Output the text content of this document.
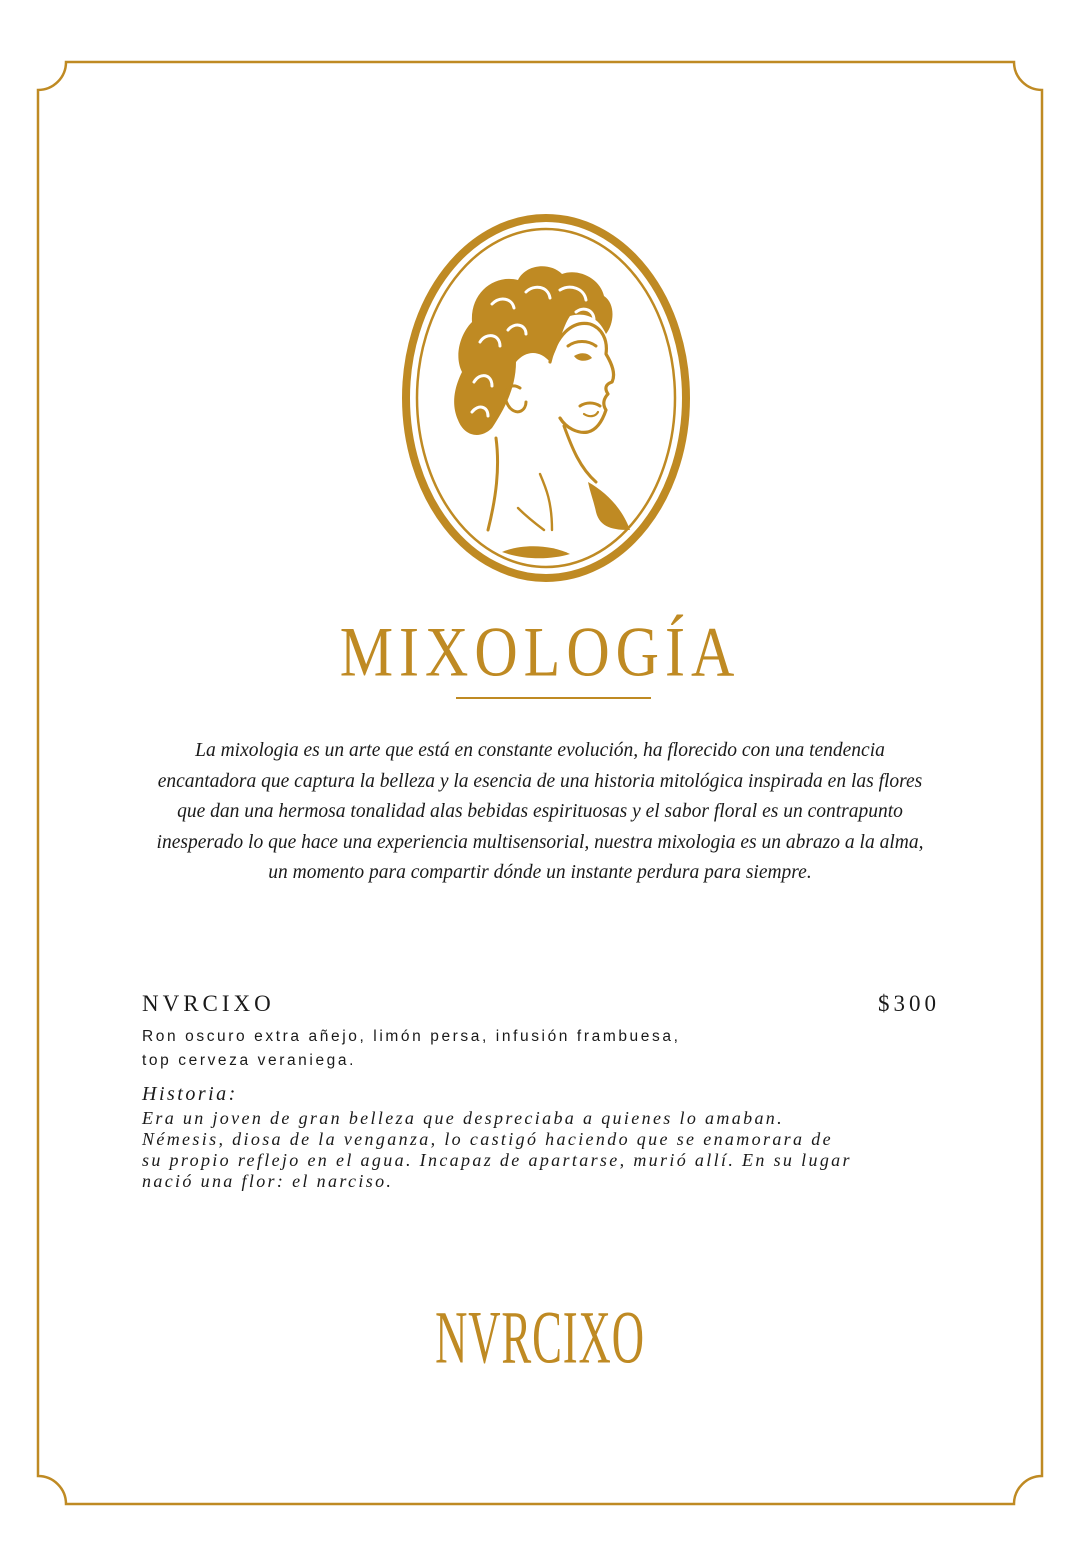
MIXOLOGÍA
La mixologia es un arte que está en constante evolución, ha florecido con una tendencia
encantadora que captura la belleza y la esencia de una historia mitológica inspirada en las flores
que dan una hermosa tonalidad alas bebidas espirituosas y el sabor floral es un contrapunto
inesperado lo que hace una experiencia multisensorial, nuestra mixologia es un abrazo a la alma,
un momento para compartir dónde un instante perdura para siempre.
NVRCIXO	$300
Ron oscuro extra añejo, limón persa, infusión frambuesa,
top cerveza veraniega.
Historia:
Era un joven de gran belleza que despreciaba a quienes lo amaban.
Némesis, diosa de la venganza, lo castigó haciendo que se enamorara de
su propio reflejo en el agua. Incapaz de apartarse, murió allí. En su lugar
nació una flor: el narciso.
NVRCIXO
